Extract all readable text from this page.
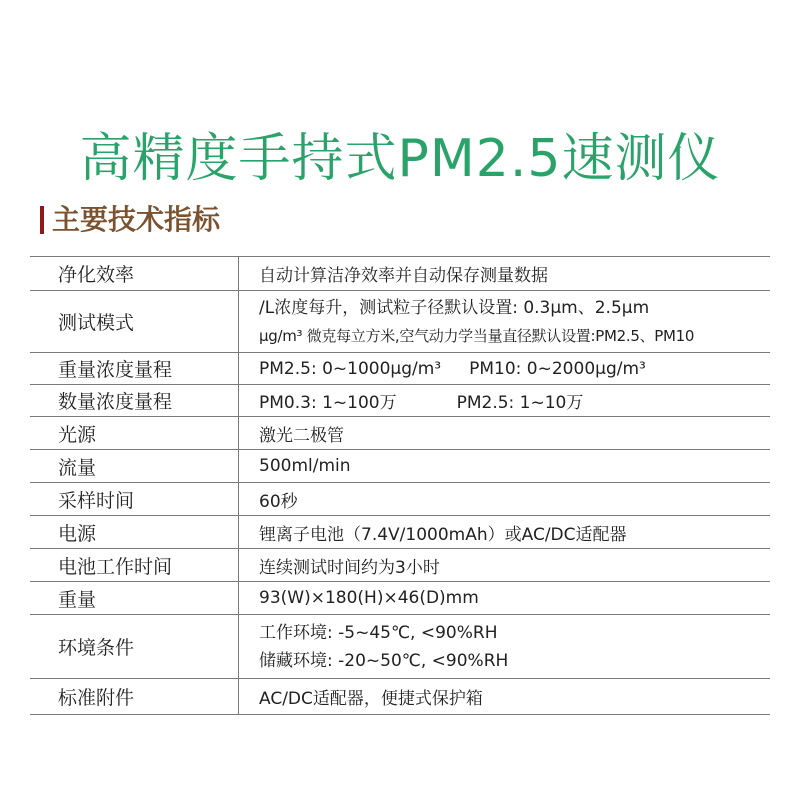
高精度手持式PM2.5速测仪
主要技术指标
净化效率	自动计算洁净效率并自动保存测量数据
测试模式	/L浓度每升，测试粒子径默认设置: 0.3μm、2.5μm
μg/m³ 微克每立方米,空气动力学当量直径默认设置:PM2.5、PM10

重量浓度量程	PM2.5: 0~1000μg/m³ PM10: 0~2000μg/m³
数量浓度量程	PM0.3: 1~100万 PM2.5: 1~10万
光源	激光二极管
流量	500ml/min
采样时间	60秒
电源	锂离子电池（7.4V/1000mAh）或AC/DC适配器
电池工作时间	连续测试时间约为3小时
重量	93(W)×180(H)×46(D)mm
环境条件	工作环境: -5~45℃, <90%RH
储藏环境: -20~50℃, <90%RH

标准附件	AC/DC适配器，便捷式保护箱
